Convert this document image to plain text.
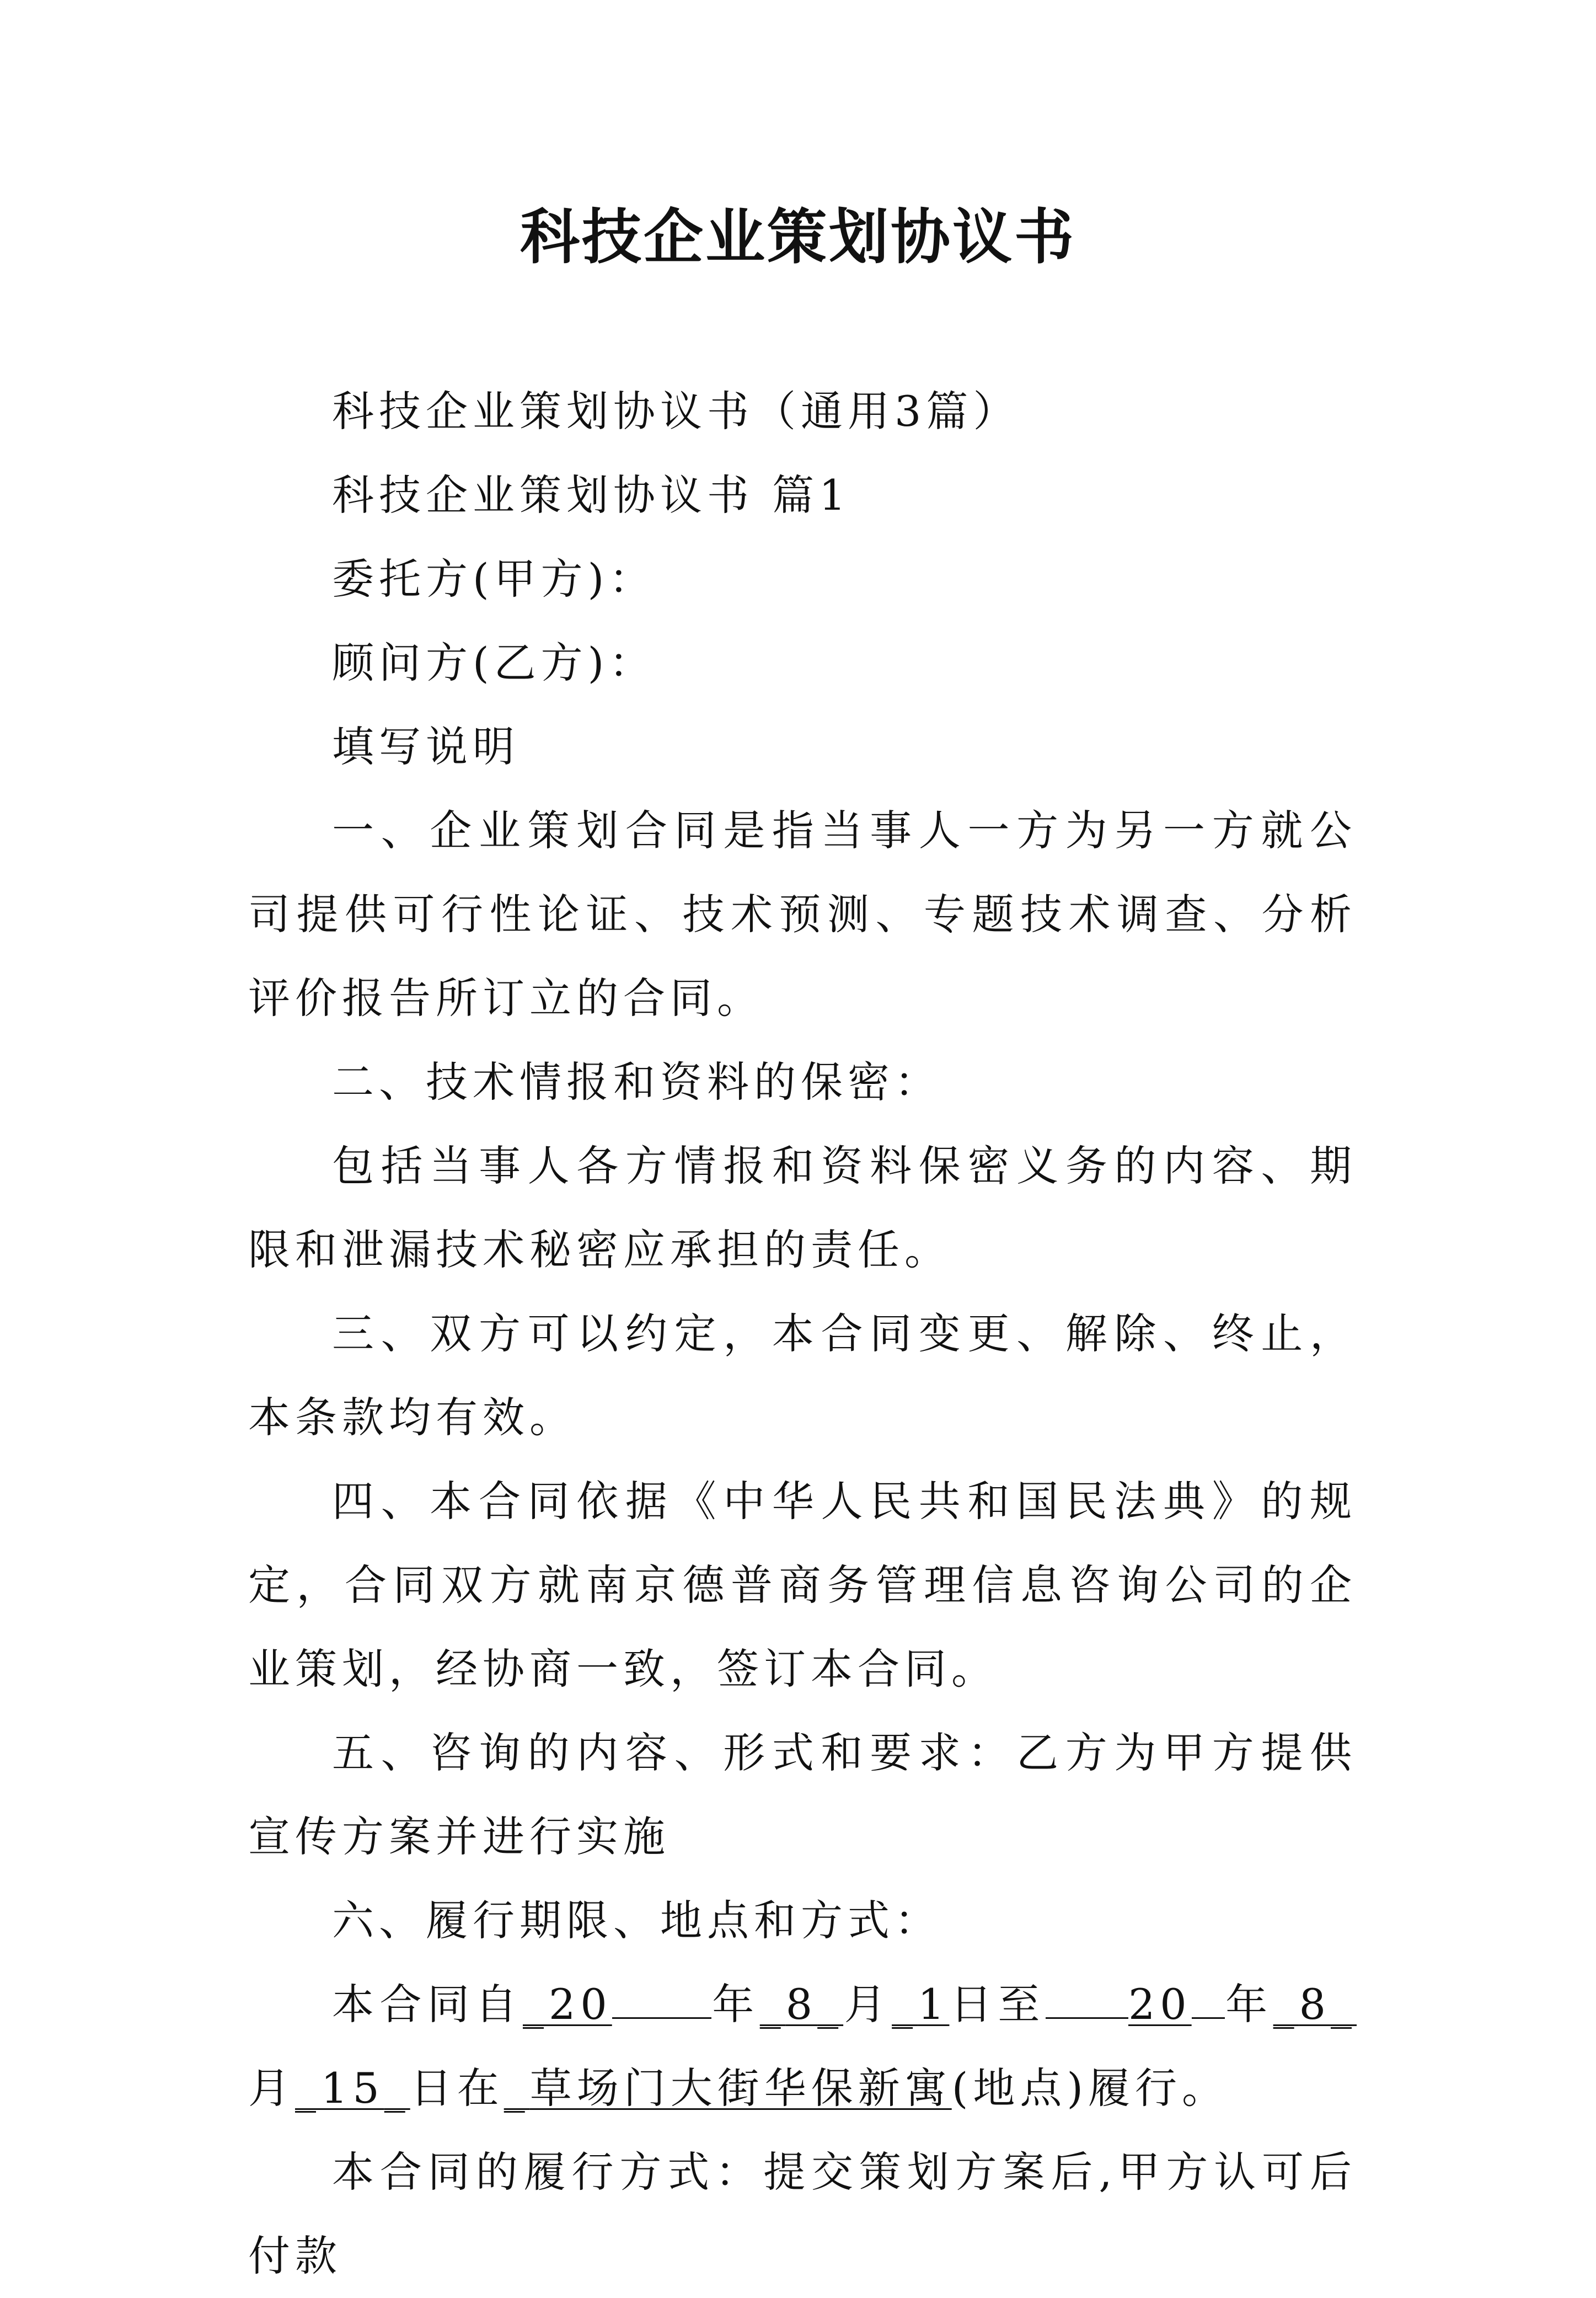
科技企业策划协议书

科技企业策划协议书（通用3篇）

科技企业策划协议书 篇1

委托方(甲方)：

顾问方(乙方)：

填写说明

一、企业策划合同是指当事人一方为另一方就公司提供可行性论证、技术预测、专题技术调查、分析评价报告所订立的合同。

二、技术情报和资料的保密：

包括当事人各方情报和资料保密义务的内容、期限和泄漏技术秘密应承担的责任。

三、双方可以约定，本合同变更、解除、终止，本条款均有效。

四、本合同依据《中华人民共和国民法典》的规定，合同双方就南京德普商务管理信息咨询公司的企业策划，经协商一致，签订本合同。

五、咨询的内容、形式和要求：乙方为甲方提供宣传方案并进行实施

六、履行期限、地点和方式：

本合同自_20 年_8_月_1日至 20 年_8_月_15_日在_草场门大街华保新寓(地点)履行。

本合同的履行方式：提交策划方案后,甲方认可后付款
